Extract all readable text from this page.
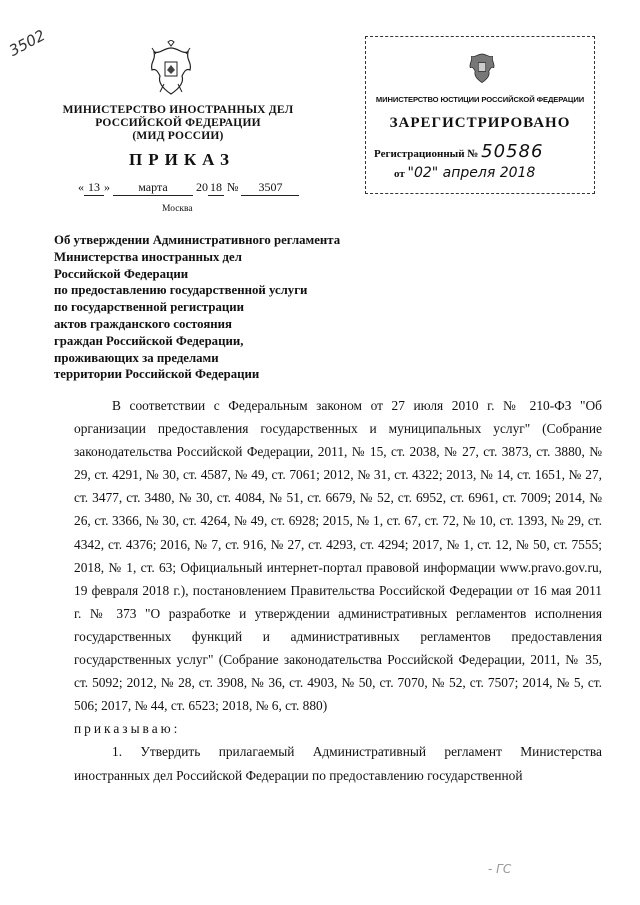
3502
МИНИСТЕРСТВО ИНОСТРАННЫХ ДЕЛ
РОССИЙСКОЙ ФЕДЕРАЦИИ
(МИД РОССИИ)
ПРИКАЗ
« 13 » марта 20 18 № 3507
Москва
МИНИСТЕРСТВО ЮСТИЦИИ РОССИЙСКОЙ ФЕДЕРАЦИИ
ЗАРЕГИСТРИРОВАНО
Регистрационный № 50586
от "02" апреля 2018
Об утверждении Административного регламента
Министерства иностранных дел
Российской Федерации
по предоставлению государственной услуги
по государственной регистрации
актов гражданского состояния
граждан Российской Федерации,
проживающих за пределами
территории Российской Федерации

В соответствии с Федеральным законом от 27 июля 2010 г. № 210-ФЗ "Об организации предоставления государственных и муниципальных услуг" (Собрание законодательства Российской Федерации, 2011, № 15, ст. 2038, № 27, ст. 3873, ст. 3880, № 29, ст. 4291, № 30, ст. 4587, № 49, ст. 7061; 2012, № 31, ст. 4322; 2013, № 14, ст. 1651, № 27, ст. 3477, ст. 3480, № 30, ст. 4084, № 51, ст. 6679, № 52, ст. 6952, ст. 6961, ст. 7009; 2014, № 26, ст. 3366, № 30, ст. 4264, № 49, ст. 6928; 2015, № 1, ст. 67, ст. 72, № 10, ст. 1393, № 29, ст. 4342, ст. 4376; 2016, № 7, ст. 916, № 27, ст. 4293, ст. 4294; 2017, № 1, ст. 12, № 50, ст. 7555; 2018, № 1, ст. 63; Официальный интернет-портал правовой информации www.pravo.gov.ru, 19 февраля 2018 г.), постановлением Правительства Российской Федерации от 16 мая 2011 г. № 373 "О разработке и утверждении административных регламентов исполнения государственных функций и административных регламентов предоставления государственных услуг" (Собрание законодательства Российской Федерации, 2011, № 35, ст. 5092; 2012, № 28, ст. 3908, № 36, ст. 4903, № 50, ст. 7070, № 52, ст. 7507; 2014, № 5, ст. 506; 2017, № 44, ст. 6523; 2018, № 6, ст. 880)

приказываю:

1. Утвердить прилагаемый Административный регламент Министерства иностранных дел Российской Федерации по предоставлению государственной

- ГС
